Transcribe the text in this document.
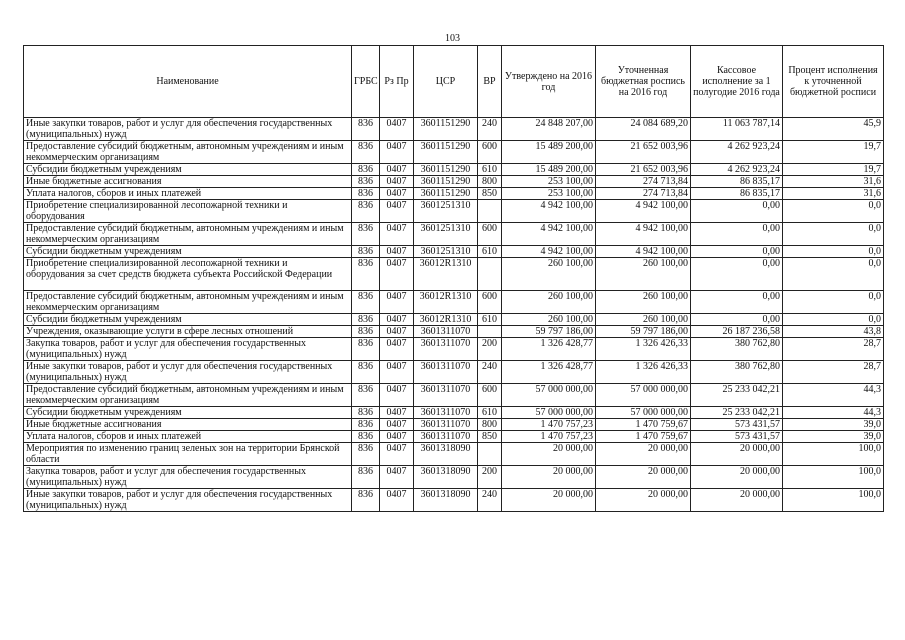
103
Наименование	ГРБС	Рз Пр	ЦСР	ВР	Утверждено на 2016 год	Уточненная бюджетная роспись на 2016 год	Кассовое исполнение за 1 полугодие 2016 года	Процент исполнения к уточненной бюджетной росписи
Иные закупки товаров, работ и услуг для обеспечения государственных (муниципальных) нужд	836	0407	3601151290	240	24 848 207,00	24 084 689,20	11 063 787,14	45,9
Предоставление субсидий бюджетным, автономным учреждениям и иным некоммерческим организациям	836	0407	3601151290	600	15 489 200,00	21 652 003,96	4 262 923,24	19,7
Субсидии бюджетным учреждениям	836	0407	3601151290	610	15 489 200,00	21 652 003,96	4 262 923,24	19,7
Иные бюджетные ассигнования	836	0407	3601151290	800	253 100,00	274 713,84	86 835,17	31,6
Уплата налогов, сборов и иных платежей	836	0407	3601151290	850	253 100,00	274 713,84	86 835,17	31,6
Приобретение специализированной лесопожарной техники и оборудования	836	0407	3601251310		4 942 100,00	4 942 100,00	0,00	0,0
Предоставление субсидий бюджетным, автономным учреждениям и иным некоммерческим организациям	836	0407	3601251310	600	4 942 100,00	4 942 100,00	0,00	0,0
Субсидии бюджетным учреждениям	836	0407	3601251310	610	4 942 100,00	4 942 100,00	0,00	0,0
Приобретение специализированной лесопожарной техники и оборудования за счет средств бюджета субъекта Российской Федерации	836	0407	36012R1310		260 100,00	260 100,00	0,00	0,0
Предоставление субсидий бюджетным, автономным учреждениям и иным некоммерческим организациям	836	0407	36012R1310	600	260 100,00	260 100,00	0,00	0,0
Субсидии бюджетным учреждениям	836	0407	36012R1310	610	260 100,00	260 100,00	0,00	0,0
Учреждения, оказывающие услуги в сфере лесных отношений	836	0407	3601311070		59 797 186,00	59 797 186,00	26 187 236,58	43,8
Закупка товаров, работ и услуг для обеспечения государственных (муниципальных) нужд	836	0407	3601311070	200	1 326 428,77	1 326 426,33	380 762,80	28,7
Иные закупки товаров, работ и услуг для обеспечения государственных (муниципальных) нужд	836	0407	3601311070	240	1 326 428,77	1 326 426,33	380 762,80	28,7
Предоставление субсидий бюджетным, автономным учреждениям и иным некоммерческим организациям	836	0407	3601311070	600	57 000 000,00	57 000 000,00	25 233 042,21	44,3
Субсидии бюджетным учреждениям	836	0407	3601311070	610	57 000 000,00	57 000 000,00	25 233 042,21	44,3
Иные бюджетные ассигнования	836	0407	3601311070	800	1 470 757,23	1 470 759,67	573 431,57	39,0
Уплата налогов, сборов и иных платежей	836	0407	3601311070	850	1 470 757,23	1 470 759,67	573 431,57	39,0
Мероприятия по изменению границ зеленых зон на территории Брянской области	836	0407	3601318090		20 000,00	20 000,00	20 000,00	100,0
Закупка товаров, работ и услуг для обеспечения государственных (муниципальных) нужд	836	0407	3601318090	200	20 000,00	20 000,00	20 000,00	100,0
Иные закупки товаров, работ и услуг для обеспечения государственных (муниципальных) нужд	836	0407	3601318090	240	20 000,00	20 000,00	20 000,00	100,0
